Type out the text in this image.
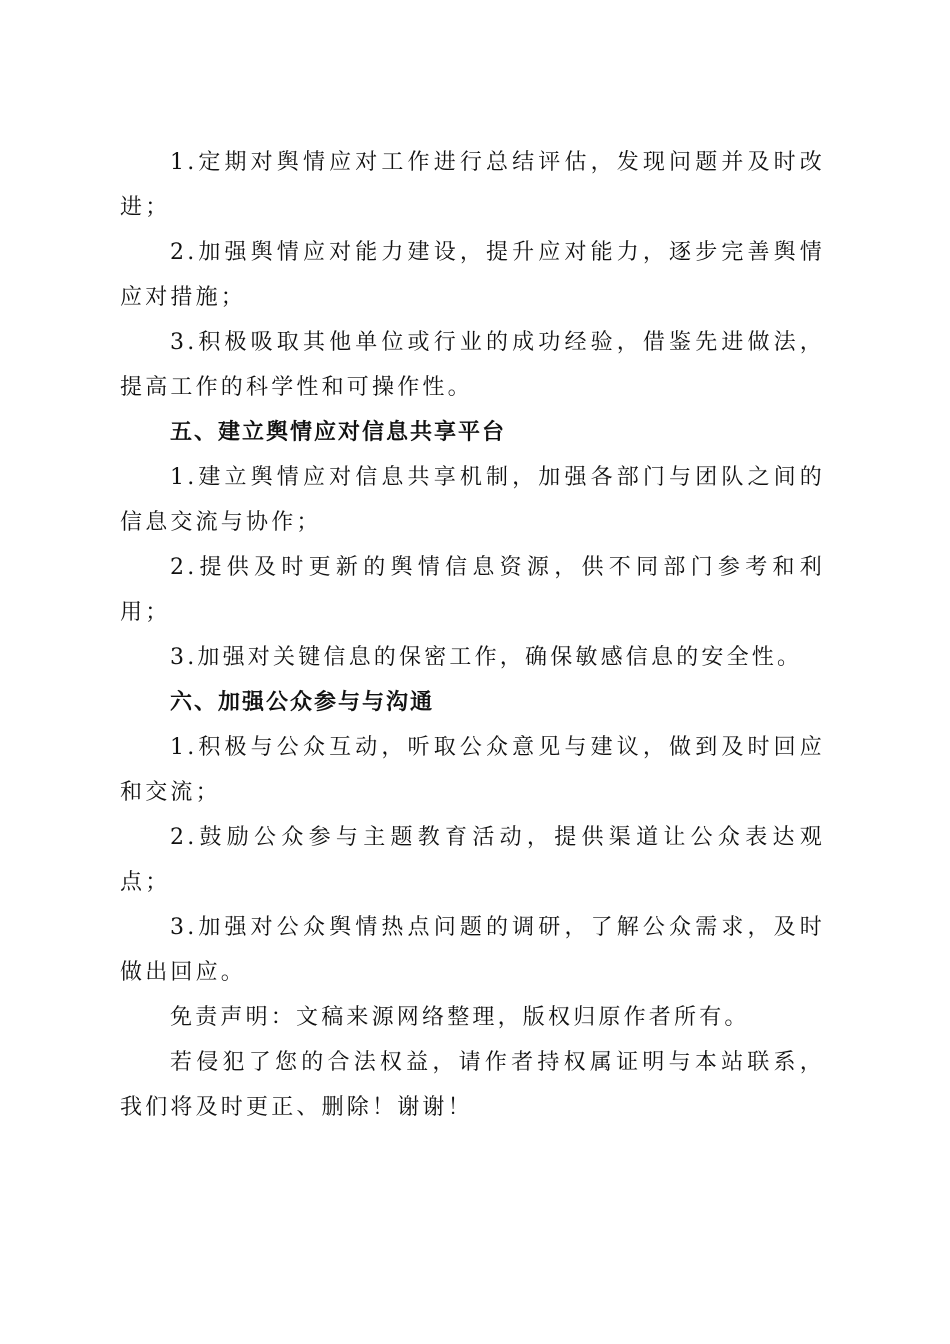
1.定期对舆情应对工作进行总结评估，发现问题并及时改进；

2.加强舆情应对能力建设，提升应对能力，逐步完善舆情应对措施；

3.积极吸取其他单位或行业的成功经验，借鉴先进做法，提高工作的科学性和可操作性。

五、建立舆情应对信息共享平台

1.建立舆情应对信息共享机制，加强各部门与团队之间的信息交流与协作；

2.提供及时更新的舆情信息资源，供不同部门参考和利用；

3.加强对关键信息的保密工作，确保敏感信息的安全性。

六、加强公众参与与沟通

1.积极与公众互动，听取公众意见与建议，做到及时回应和交流；

2.鼓励公众参与主题教育活动，提供渠道让公众表达观点；

3.加强对公众舆情热点问题的调研，了解公众需求，及时做出回应。

免责声明：文稿来源网络整理，版权归原作者所有。

若侵犯了您的合法权益，请作者持权属证明与本站联系，我们将及时更正、删除！谢谢！
